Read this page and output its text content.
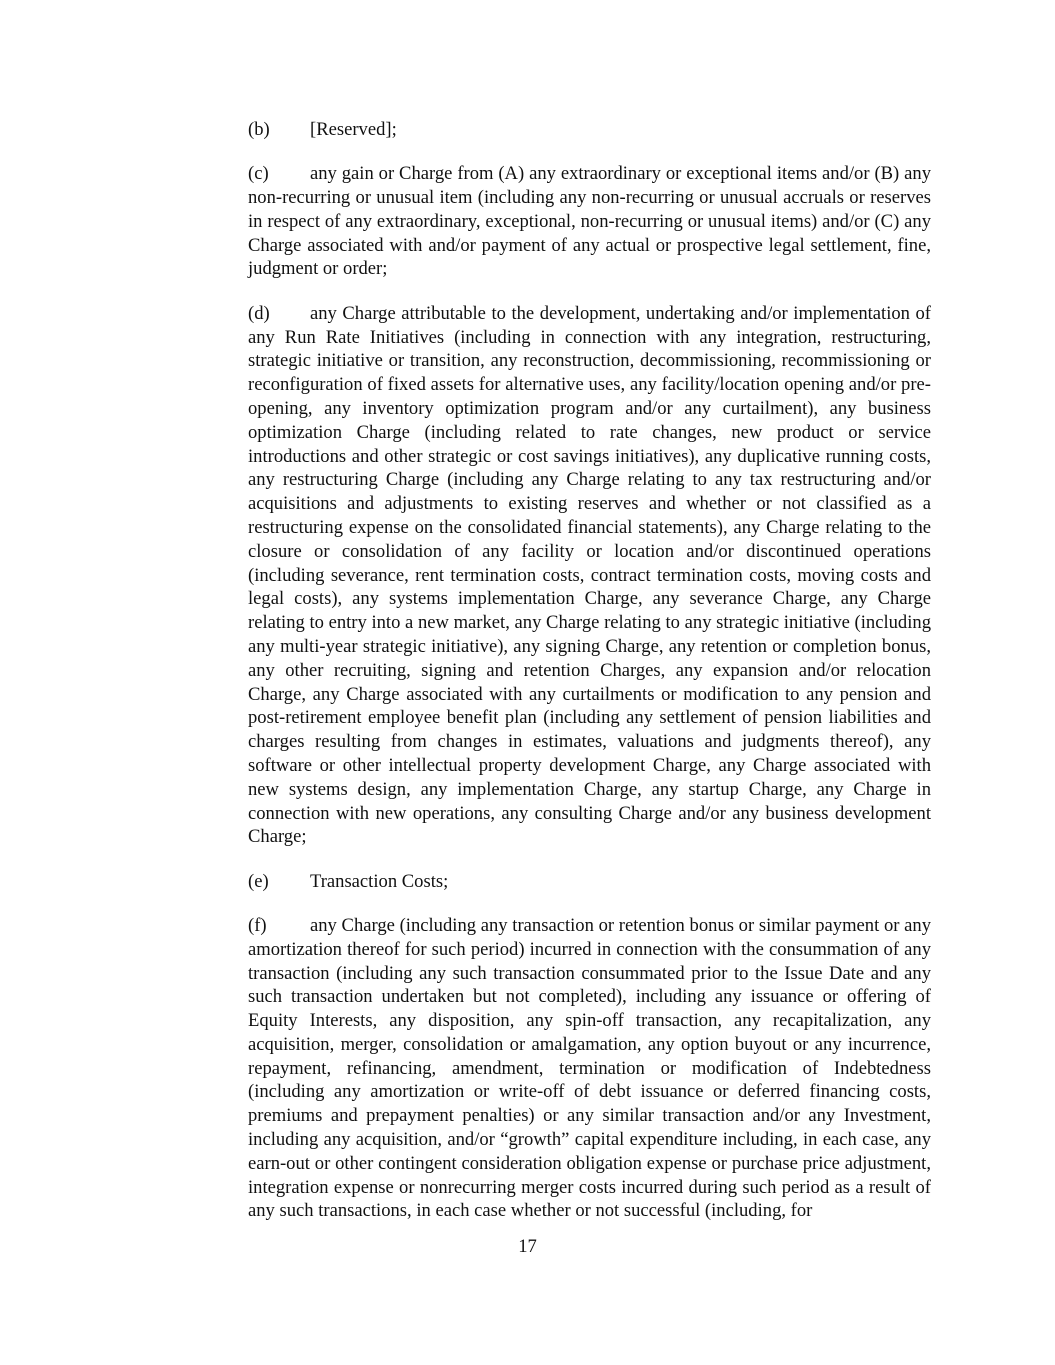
(b) [Reserved];

(c) any gain or Charge from (A) any extraordinary or exceptional items and/or (B) any non-recurring or unusual item (including any non-recurring or unusual accruals or reserves in respect of any extraordinary, exceptional, non-recurring or unusual items) and/or (C) any Charge associated with and/or payment of any actual or prospective legal settlement, fine, judgment or order;

(d) any Charge attributable to the development, undertaking and/or implementation of any Run Rate Initiatives (including in connection with any integration, restructuring, strategic initiative or transition, any reconstruction, decommissioning, recommissioning or reconfiguration of fixed assets for alternative uses, any facility/location opening and/or pre-opening, any inventory optimization program and/or any curtailment), any business optimization Charge (including related to rate changes, new product or service introductions and other strategic or cost savings initiatives), any duplicative running costs, any restructuring Charge (including any Charge relating to any tax restructuring and/or acquisitions and adjustments to existing reserves and whether or not classified as a restructuring expense on the consolidated financial statements), any Charge relating to the closure or consolidation of any facility or location and/or discontinued operations (including severance, rent termination costs, contract termination costs, moving costs and legal costs), any systems implementation Charge, any severance Charge, any Charge relating to entry into a new market, any Charge relating to any strategic initiative (including any multi-year strategic initiative), any signing Charge, any retention or completion bonus, any other recruiting, signing and retention Charges, any expansion and/or relocation Charge, any Charge associated with any curtailments or modification to any pension and post-retirement employee benefit plan (including any settlement of pension liabilities and charges resulting from changes in estimates, valuations and judgments thereof), any software or other intellectual property development Charge, any Charge associated with new systems design, any implementation Charge, any startup Charge, any Charge in connection with new operations, any consulting Charge and/or any business development Charge;

(e) Transaction Costs;

(f) any Charge (including any transaction or retention bonus or similar payment or any amortization thereof for such period) incurred in connection with the consummation of any transaction (including any such transaction consummated prior to the Issue Date and any such transaction undertaken but not completed), including any issuance or offering of Equity Interests, any disposition, any spin-off transaction, any recapitalization, any acquisition, merger, consolidation or amalgamation, any option buyout or any incurrence, repayment, refinancing, amendment, termination or modification of Indebtedness (including any amortization or write-off of debt issuance or deferred financing costs, premiums and prepayment penalties) or any similar transaction and/or any Investment, including any acquisition, and/or “growth” capital expenditure including, in each case, any earn-out or other contingent consideration obligation expense or purchase price adjustment, integration expense or nonrecurring merger costs incurred during such period as a result of any such transactions, in each case whether or not successful (including, for

17
